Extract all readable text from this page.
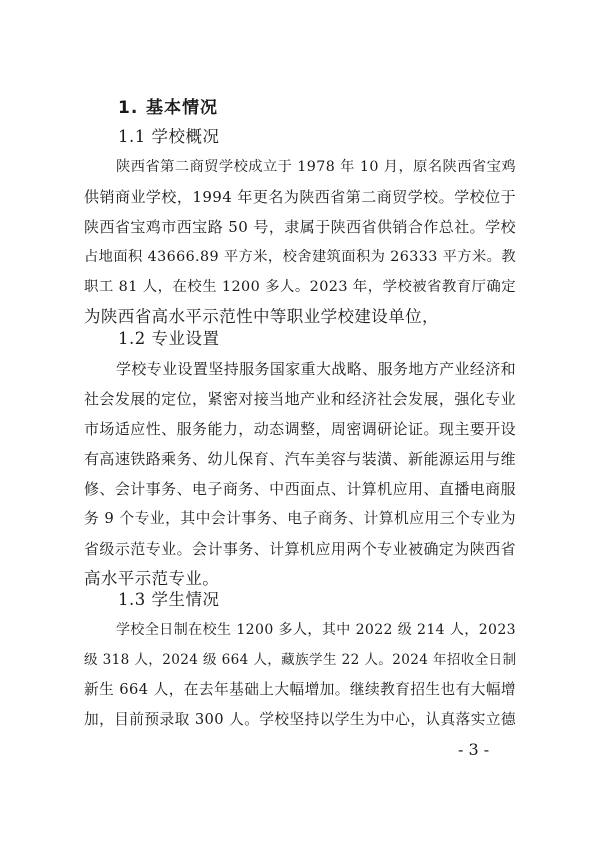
1. 基本情况
1.1 学校概况
陕西省第二商贸学校成立于 1978 年 10 月，原名陕西省宝鸡
供销商业学校，1994 年更名为陕西省第二商贸学校。学校位于
陕西省宝鸡市西宝路 50 号，隶属于陕西省供销合作总社。学校
占地面积 43666.89 平方米，校舍建筑面积为 26333 平方米。教
职工 81 人，在校生 1200 多人。2023 年，学校被省教育厅确定
为陕西省高水平示范性中等职业学校建设单位，
1.2 专业设置
学校专业设置坚持服务国家重大战略、服务地方产业经济和
社会发展的定位，紧密对接当地产业和经济社会发展，强化专业
市场适应性、服务能力，动态调整，周密调研论证。现主要开设
有高速铁路乘务、幼儿保育、汽车美容与装潢、新能源运用与维
修、会计事务、电子商务、中西面点、计算机应用、直播电商服
务 9 个专业，其中会计事务、电子商务、计算机应用三个专业为
省级示范专业。会计事务、计算机应用两个专业被确定为陕西省
高水平示范专业。
1.3 学生情况
学校全日制在校生 1200 多人，其中 2022 级 214 人，2023
级 318 人，2024 级 664 人，藏族学生 22 人。2024 年招收全日制
新生 664 人，在去年基础上大幅增加。继续教育招生也有大幅增
加，目前预录取 300 人。学校坚持以学生为中心，认真落实立德
- 3 -
